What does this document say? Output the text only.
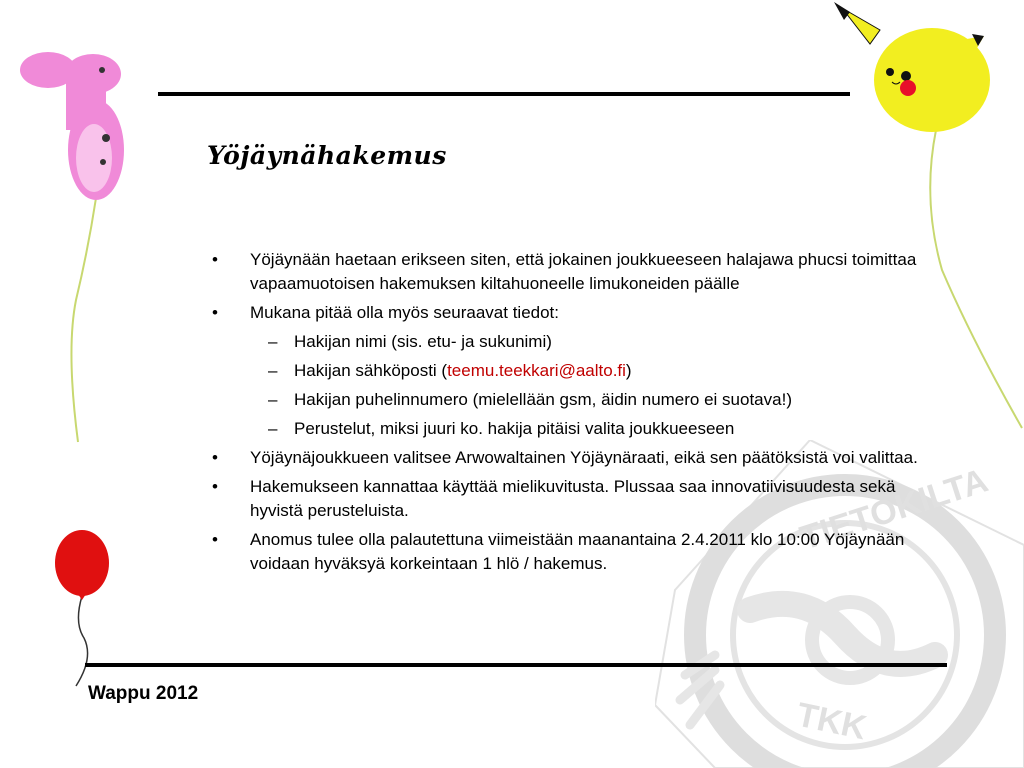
TIETOKILTA
TKK
Yöjäynähakemus
• Yöjäynään haetaan erikseen siten, että jokainen joukkueeseen halajawa phucsi toimittaa vapaamuotoisen hakemuksen kiltahuoneelle limukoneiden päälle
• Mukana pitää olla myös seuraavat tiedot:
– Hakijan nimi (sis. etu- ja sukunimi)
– Hakijan sähköposti (teemu.teekkari@aalto.fi)
– Hakijan puhelinnumero (mielellään gsm, äidin numero ei suotava!)
– Perustelut, miksi juuri ko. hakija pitäisi valita joukkueeseen
• Yöjäynäjoukkueen valitsee Arwowaltainen Yöjäynäraati, eikä sen päätöksistä voi valittaa.
• Hakemukseen kannattaa käyttää mielikuvitusta. Plussaa saa innovatiivisuudesta sekä hyvistä perusteluista.
• Anomus tulee olla palautettuna viimeistään maanantaina 2.4.2011 klo 10:00 Yöjäynään voidaan hyväksyä korkeintaan 1 hlö / hakemus.
Wappu 2012
